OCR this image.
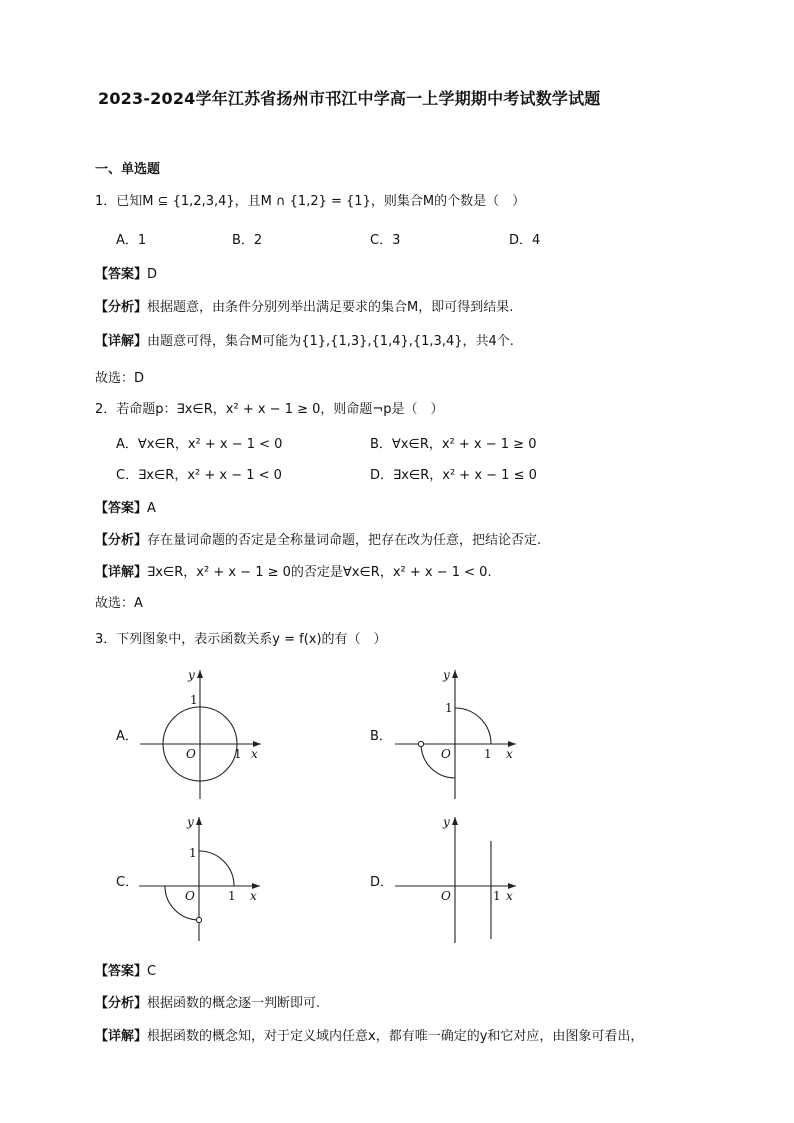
2023-2024学年江苏省扬州市邗江中学高一上学期期中考试数学试题
一、单选题
1．已知M ⊆ {1,2,3,4}，且M ∩ {1,2} = {1}，则集合M的个数是（　）
A．1	B．2	C．3	D．4
【答案】D
【分析】根据题意，由条件分别列举出满足要求的集合M，即可得到结果.
【详解】由题意可得，集合M可能为{1},{1,3},{1,4},{1,3,4}，共4个.
故选：D
2．若命题p：∃x∈R，x² + x − 1 ≥ 0，则命题¬p是（　）
A．∀x∈R，x² + x − 1 < 0	B．∀x∈R，x² + x − 1 ≥ 0
C．∃x∈R，x² + x − 1 < 0	D．∃x∈R，x² + x − 1 ≤ 0
【答案】A
【分析】存在量词命题的否定是全称量词命题，把存在改为任意，把结论否定.
【详解】∃x∈R，x² + x − 1 ≥ 0的否定是∀x∈R，x² + x − 1 < 0.
故选：A
3．下列图象中，表示函数关系y = f(x)的有（　）
A．
y
x
O
1
1
B．
y
x
O
1
1
C．
y
x
O
1
1
D．
y
x
O	1
【答案】C
【分析】根据函数的概念逐一判断即可.
【详解】根据函数的概念知，对于定义域内任意x，都有唯一确定的y和它对应，由图象可看出，
